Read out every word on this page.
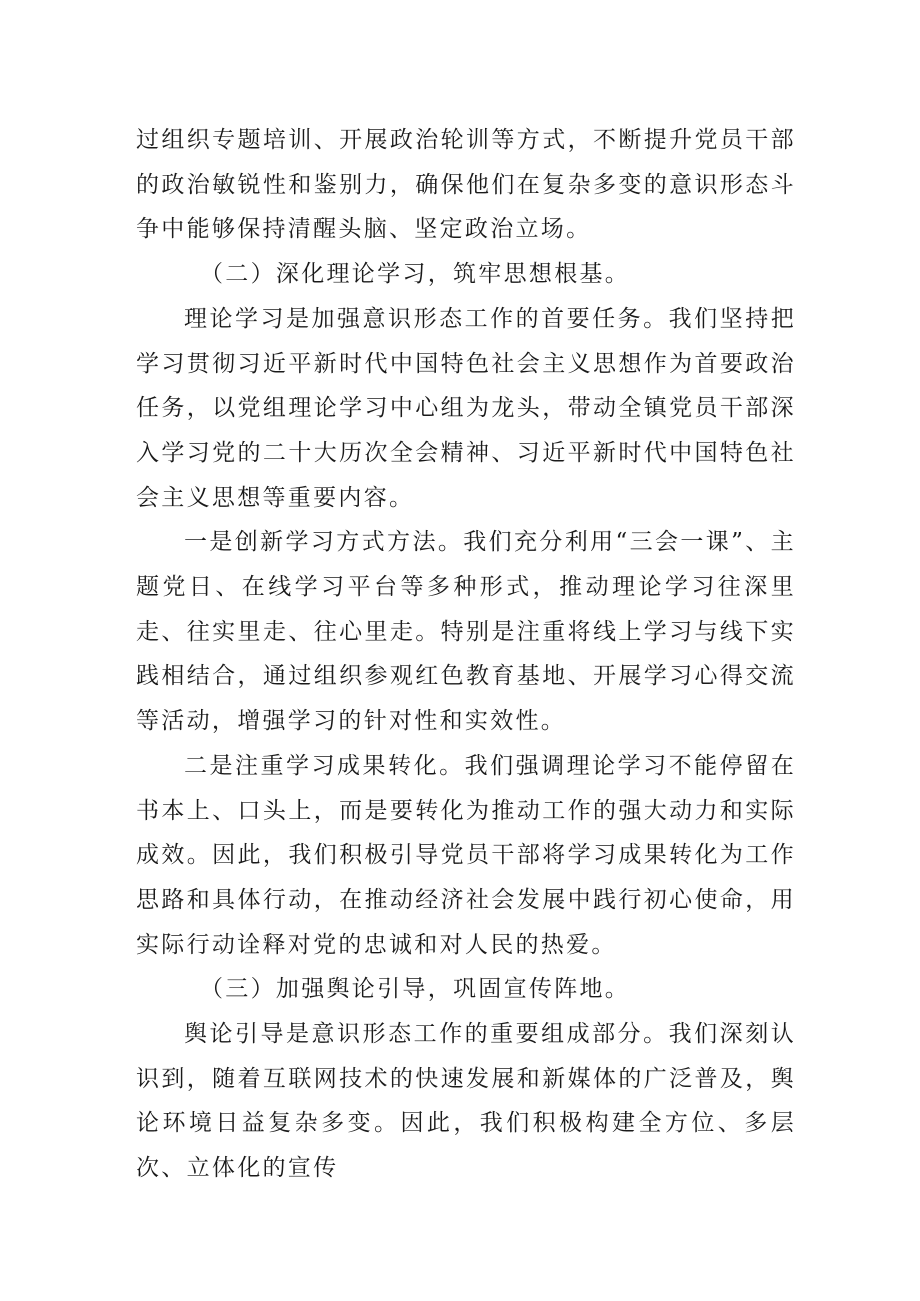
过组织专题培训、开展政治轮训等方式，不断提升党员干部的政治敏锐性和鉴别力，确保他们在复杂多变的意识形态斗争中能够保持清醒头脑、坚定政治立场。

（二）深化理论学习，筑牢思想根基。

理论学习是加强意识形态工作的首要任务。我们坚持把学习贯彻习近平新时代中国特色社会主义思想作为首要政治任务，以党组理论学习中心组为龙头，带动全镇党员干部深入学习党的二十大历次全会精神、习近平新时代中国特色社会主义思想等重要内容。

一是创新学习方式方法。我们充分利用“三会一课”、主题党日、在线学习平台等多种形式，推动理论学习往深里走、往实里走、往心里走。特别是注重将线上学习与线下实践相结合，通过组织参观红色教育基地、开展学习心得交流等活动，增强学习的针对性和实效性。

二是注重学习成果转化。我们强调理论学习不能停留在书本上、口头上，而是要转化为推动工作的强大动力和实际成效。因此，我们积极引导党员干部将学习成果转化为工作思路和具体行动，在推动经济社会发展中践行初心使命，用实际行动诠释对党的忠诚和对人民的热爱。

（三）加强舆论引导，巩固宣传阵地。

舆论引导是意识形态工作的重要组成部分。我们深刻认识到，随着互联网技术的快速发展和新媒体的广泛普及，舆论环境日益复杂多变。因此，我们积极构建全方位、多层次、立体化的宣传
